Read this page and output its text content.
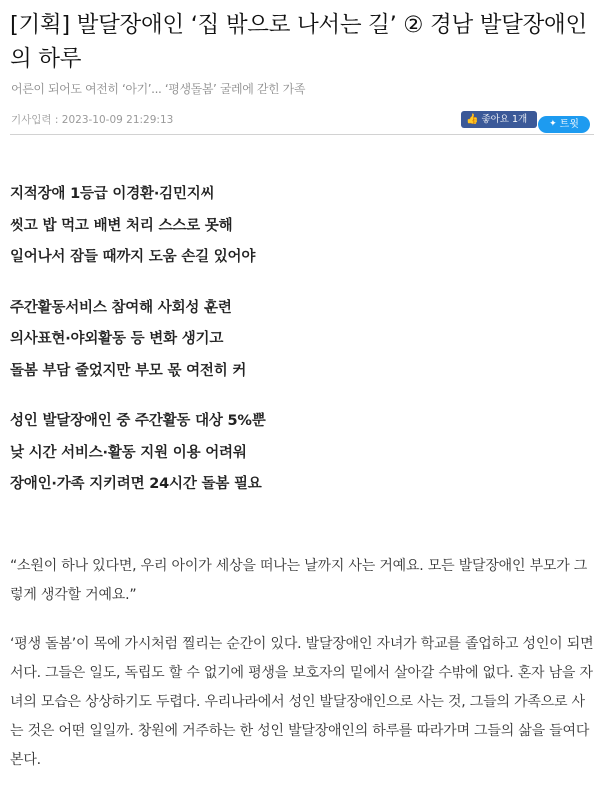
[기획] 발달장애인 ‘집 밖으로 나서는 길’ ② 경남 발달장애인의 하루
어른이 되어도 여전히 ‘아기’... ‘평생돌봄’ 굴레에 갇힌 가족
기사입력 : 2023-10-09 21:29:13	👍 좋아요 1개 ✦ 트윗
지적장애 1등급 이경환·김민지씨
씻고 밥 먹고 배변 처리 스스로 못해
일어나서 잠들 때까지 도움 손길 있어야
주간활동서비스 참여해 사회성 훈련
의사표현·야외활동 등 변화 생기고
돌봄 부담 줄었지만 부모 몫 여전히 커
성인 발달장애인 중 주간활동 대상 5%뿐
낮 시간 서비스·활동 지원 이용 어려워
장애인·가족 지키려면 24시간 돌봄 필요

“소원이 하나 있다면, 우리 아이가 세상을 떠나는 날까지 사는 거예요. 모든 발달장애인 부모가 그렇게 생각할 거예요.”

‘평생 돌봄’이 목에 가시처럼 찔리는 순간이 있다. 발달장애인 자녀가 학교를 졸업하고 성인이 되면서다. 그들은 일도, 독립도 할 수 없기에 평생을 보호자의 밑에서 살아갈 수밖에 없다. 혼자 남을 자녀의 모습은 상상하기도 두렵다. 우리나라에서 성인 발달장애인으로 사는 것, 그들의 가족으로 사는 것은 어떤 일일까. 창원에 거주하는 한 성인 발달장애인의 하루를 따라가며 그들의 삶을 들여다본다.
